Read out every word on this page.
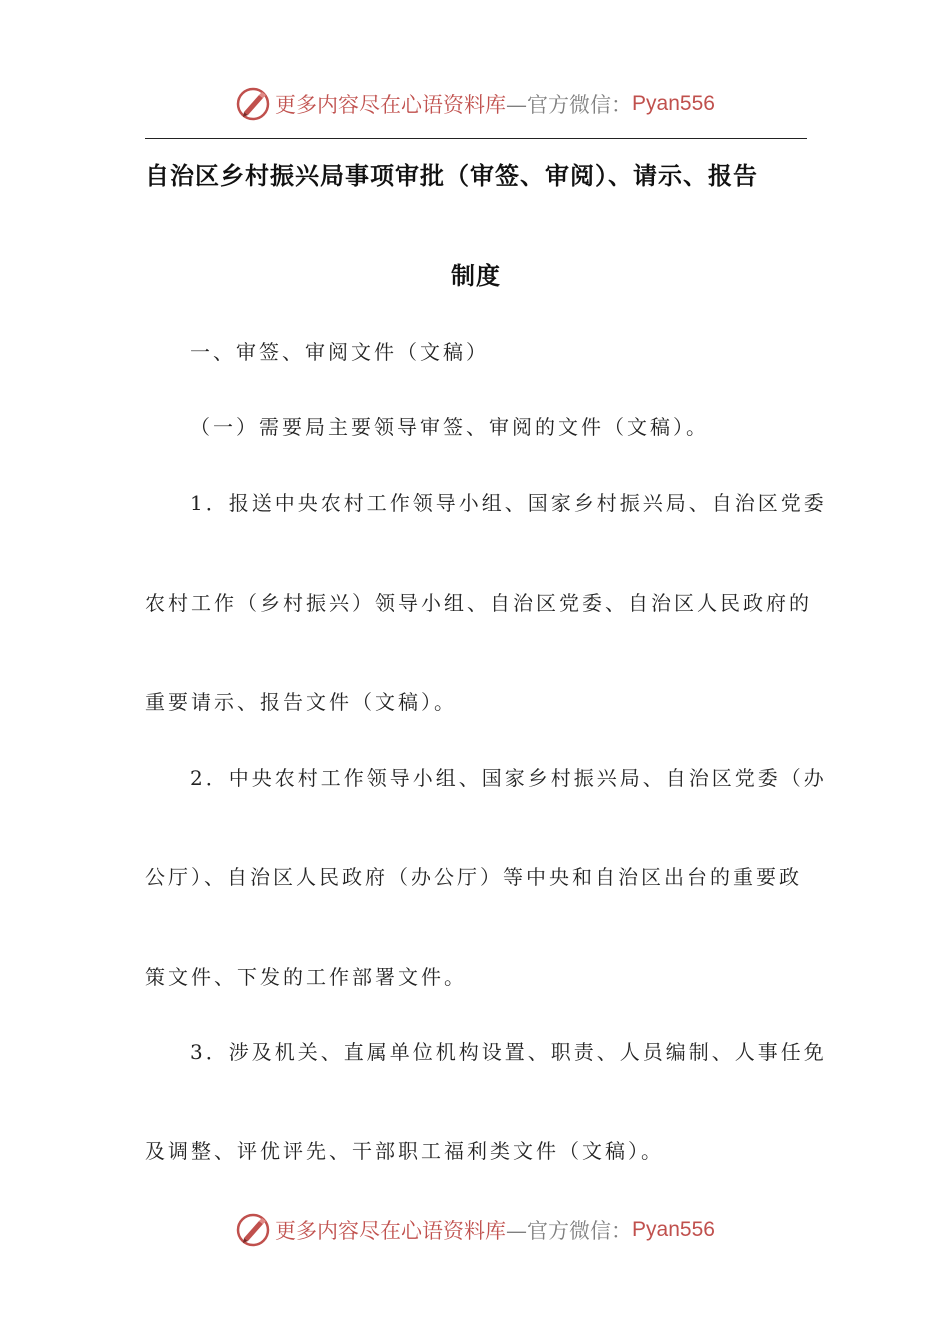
更多内容尽在心语资料库 —官方微信： Pyan556
自治区乡村振兴局事项审批（审签、审阅）、请示、报告
制度
一、审签、审阅文件（文稿）
（一）需要局主要领导审签、审阅的文件（文稿）。
1．报送中央农村工作领导小组、国家乡村振兴局、自治区党委
农村工作（乡村振兴）领导小组、自治区党委、自治区人民政府的
重要请示、报告文件（文稿）。
2．中央农村工作领导小组、国家乡村振兴局、自治区党委（办
公厅）、自治区人民政府（办公厅）等中央和自治区出台的重要政
策文件、下发的工作部署文件。
3．涉及机关、直属单位机构设置、职责、人员编制、人事任免
及调整、评优评先、干部职工福利类文件（文稿）。
更多内容尽在心语资料库 —官方微信： Pyan556
